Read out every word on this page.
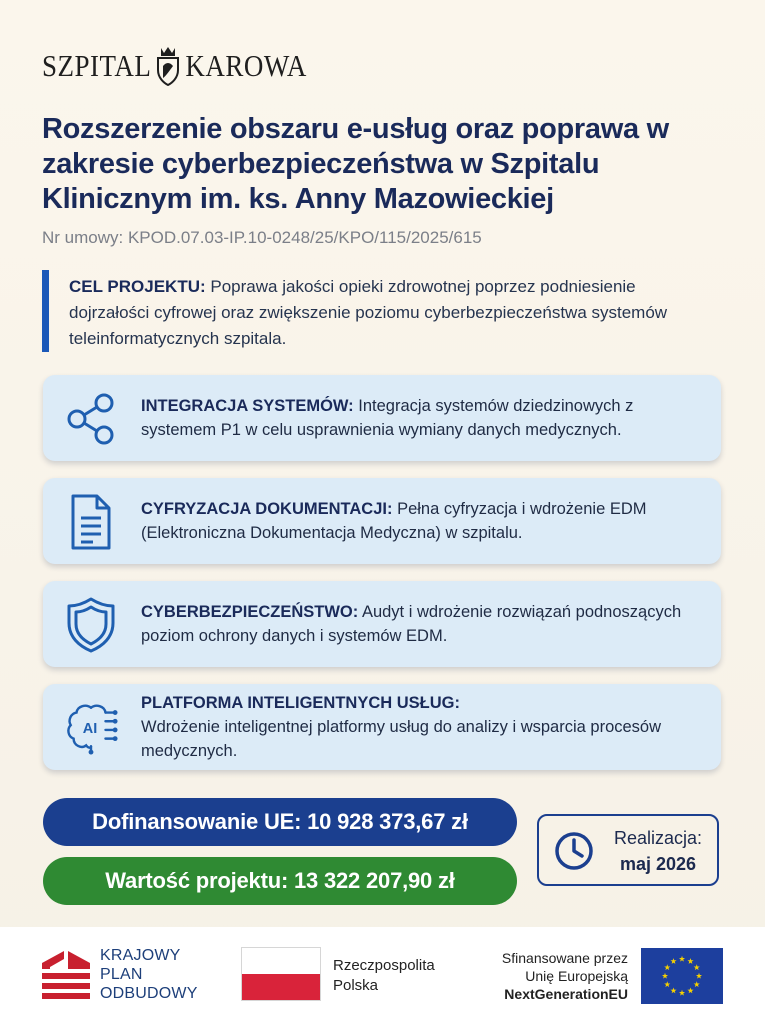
SZPITAL KAROWA
Rozszerzenie obszaru e-usług oraz poprawa w zakresie cyberbezpieczeństwa w Szpitalu Klinicznym im. ks. Anny Mazowieckiej
Nr umowy: KPOD.07.03-IP.10-0248/25/KPO/115/2025/615
CEL PROJEKTU: Poprawa jakości opieki zdrowotnej poprzez podniesienie dojrzałości cyfrowej oraz zwiększenie poziomu cyberbezpieczeństwa systemów teleinformatycznych szpitala.
INTEGRACJA SYSTEMÓW: Integracja systemów dziedzinowych z systemem P1 w celu usprawnienia wymiany danych medycznych.
CYFRYZACJA DOKUMENTACJI: Pełna cyfryzacja i wdrożenie EDM (Elektroniczna Dokumentacja Medyczna) w szpitalu.
CYBERBEZPIECZEŃSTWO: Audyt i wdrożenie rozwiązań podnoszących poziom ochrony danych i systemów EDM.
AI
PLATFORMA INTELIGENTNYCH USŁUG:
Wdrożenie inteligentnej platformy usług do analizy i wsparcia procesów medycznych.
Dofinansowanie UE: 10 928 373,67 zł
Wartość projektu: 13 322 207,90 zł
Realizacja:
maj 2026
KRAJOWY
PLAN
ODBUDOWY
Rzeczpospolita
Polska
Sfinansowane przez
Unię Europejską
NextGenerationEU
